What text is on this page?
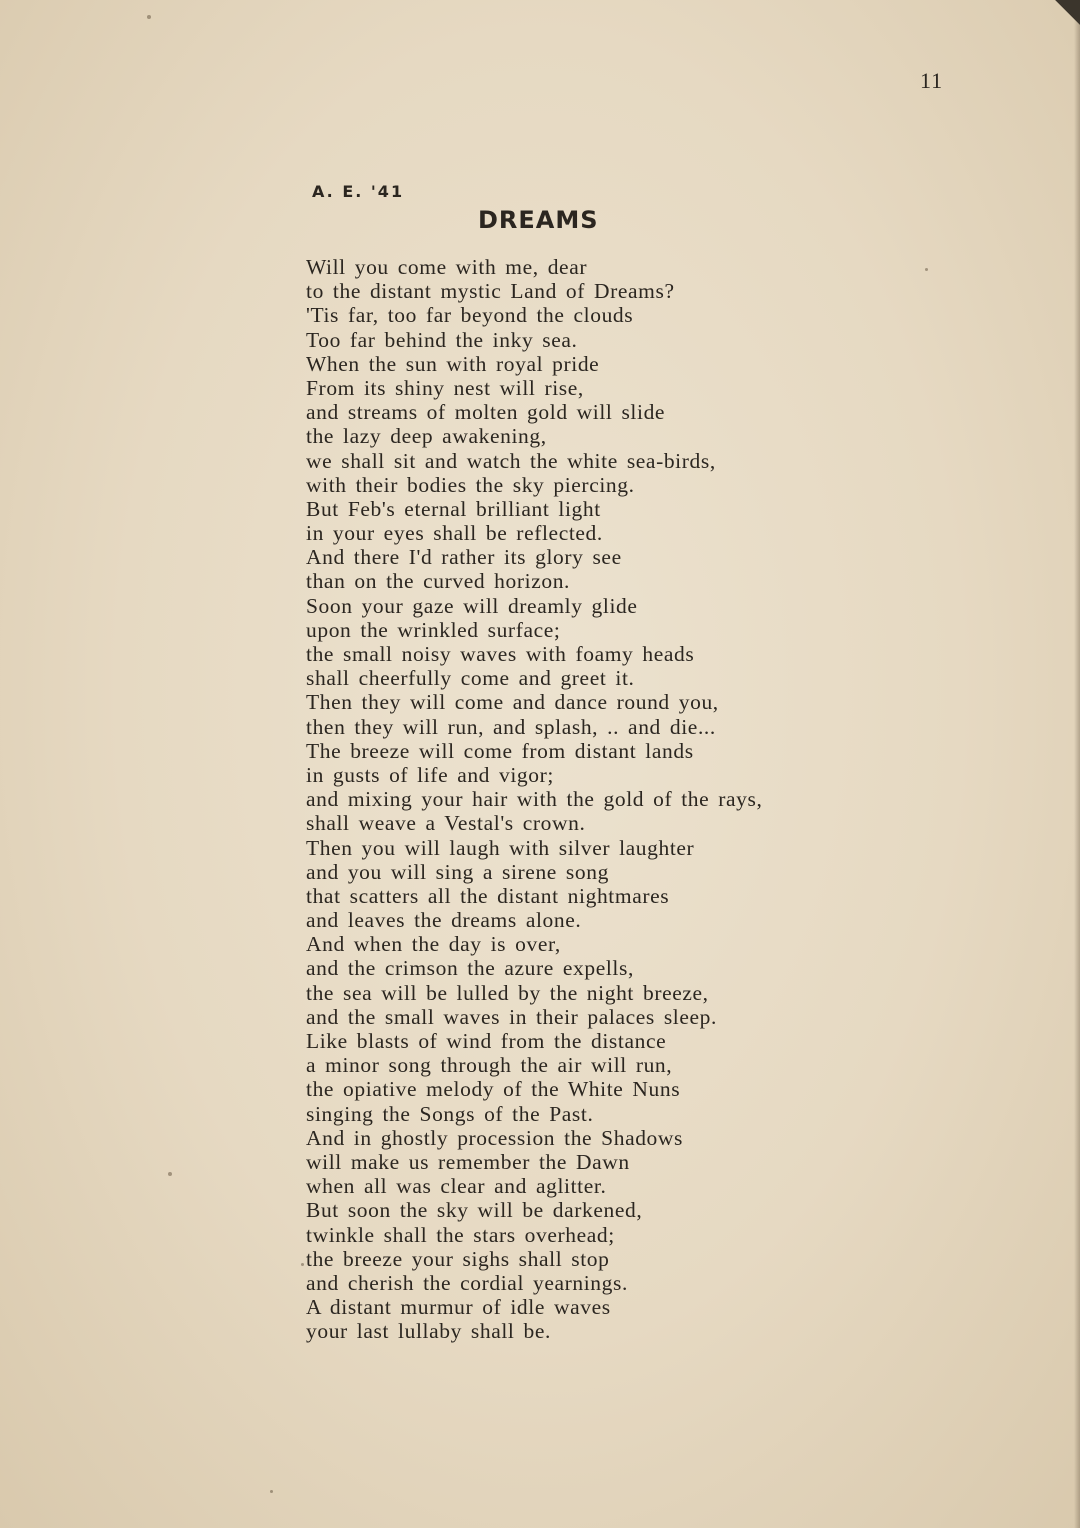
11
A. E. '41
DREAMS
Will you come with me, dear
to the distant mystic Land of Dreams?
'Tis far, too far beyond the clouds
Too far behind the inky sea.
When the sun with royal pride
From its shiny nest will rise,
and streams of molten gold will slide
the lazy deep awakening,
we shall sit and watch the white sea-birds,
with their bodies the sky piercing.
But Feb's eternal brilliant light
in your eyes shall be reflected.
And there I'd rather its glory see
than on the curved horizon.
Soon your gaze will dreamly glide
upon the wrinkled surface;
the small noisy waves with foamy heads
shall cheerfully come and greet it.
Then they will come and dance round you,
then they will run, and splash, .. and die...
The breeze will come from distant lands
in gusts of life and vigor;
and mixing your hair with the gold of the rays,
shall weave a Vestal's crown.
Then you will laugh with silver laughter
and you will sing a sirene song
that scatters all the distant nightmares
and leaves the dreams alone.
And when the day is over,
and the crimson the azure expells,
the sea will be lulled by the night breeze,
and the small waves in their palaces sleep.
Like blasts of wind from the distance
a minor song through the air will run,
the opiative melody of the White Nuns
singing the Songs of the Past.
And in ghostly procession the Shadows
will make us remember the Dawn
when all was clear and aglitter.
But soon the sky will be darkened,
twinkle shall the stars overhead;
the breeze your sighs shall stop
and cherish the cordial yearnings.
A distant murmur of idle waves
your last lullaby shall be.
